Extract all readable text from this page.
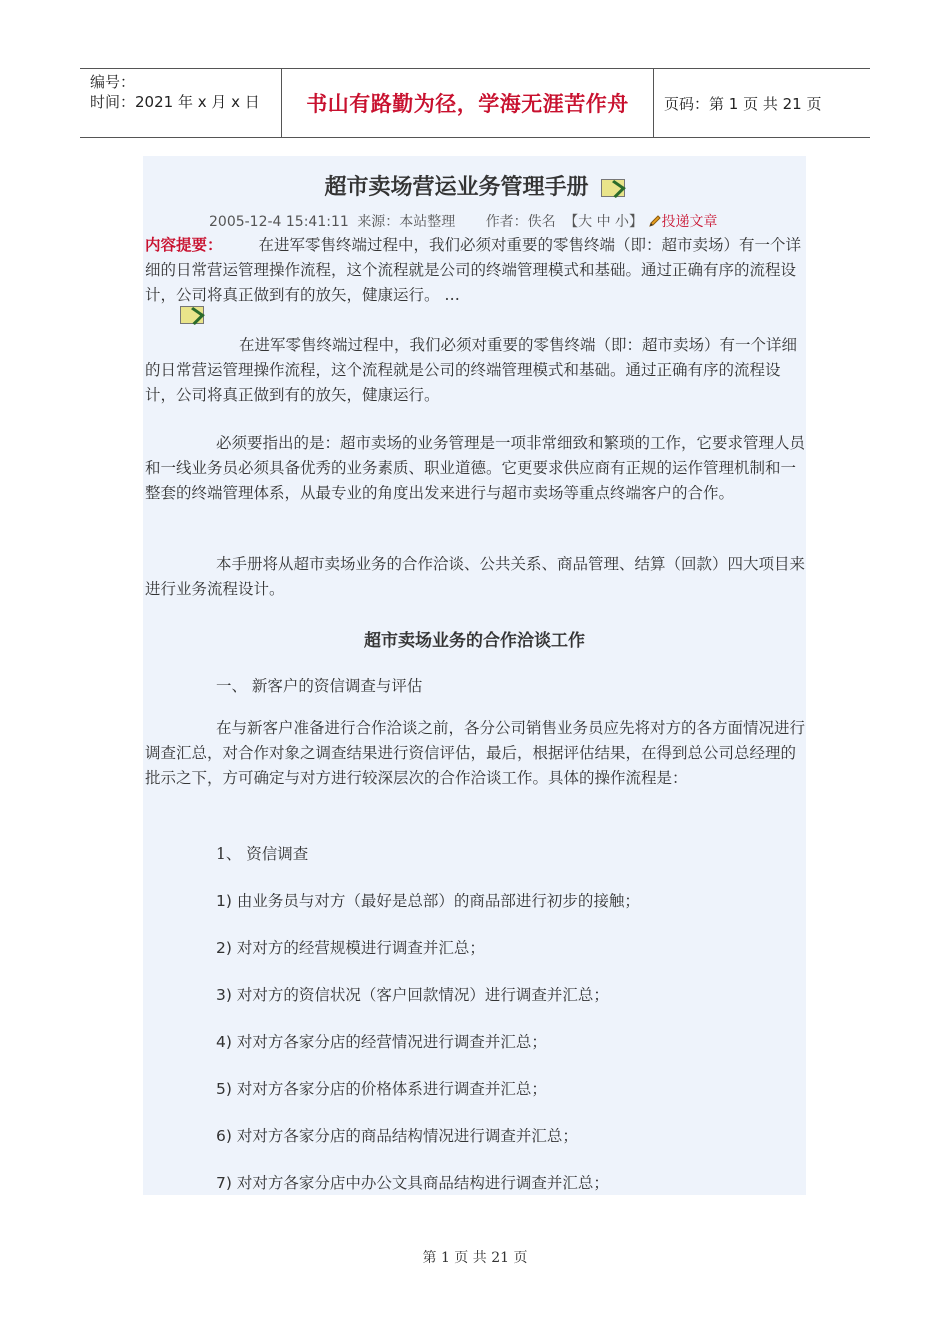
编号：
时间：2021 年 x 月 x 日	书山有路勤为径，学海无涯苦作舟	页码：第 1 页 共 21 页
超市卖场营运业务管理手册
2005-12-4 15:41:11 来源：本站整理 作者：佚名 【大 中 小】 投递文章
内容提要： 在进军零售终端过程中，我们必须对重要的零售终端（即：超市卖场）有一个详细的日常营运管理操作流程，这个流程就是公司的终端管理模式和基础。通过正确有序的流程设计，公司将真正做到有的放矢，健康运行。 …
在进军零售终端过程中，我们必须对重要的零售终端（即：超市卖场）有一个详细的日常营运管理操作流程，这个流程就是公司的终端管理模式和基础。通过正确有序的流程设计，公司将真正做到有的放矢，健康运行。
必须要指出的是：超市卖场的业务管理是一项非常细致和繁琐的工作，它要求管理人员和一线业务员必须具备优秀的业务素质、职业道德。它更要求供应商有正规的运作管理机制和一整套的终端管理体系，从最专业的角度出发来进行与超市卖场等重点终端客户的合作。
本手册将从超市卖场业务的合作洽谈、公共关系、商品管理、结算（回款）四大项目来进行业务流程设计。
超市卖场业务的合作洽谈工作
一、 新客户的资信调查与评估
在与新客户准备进行合作洽谈之前，各分公司销售业务员应先将对方的各方面情况进行调查汇总，对合作对象之调查结果进行资信评估，最后，根据评估结果，在得到总公司总经理的批示之下，方可确定与对方进行较深层次的合作洽谈工作。具体的操作流程是：
1、 资信调查
1) 由业务员与对方（最好是总部）的商品部进行初步的接触；
2) 对对方的经营规模进行调查并汇总；
3) 对对方的资信状况（客户回款情况）进行调查并汇总；
4) 对对方各家分店的经营情况进行调查并汇总；
5) 对对方各家分店的价格体系进行调查并汇总；
6) 对对方各家分店的商品结构情况进行调查并汇总；
7) 对对方各家分店中办公文具商品结构进行调查并汇总；
第 1 页 共 21 页
